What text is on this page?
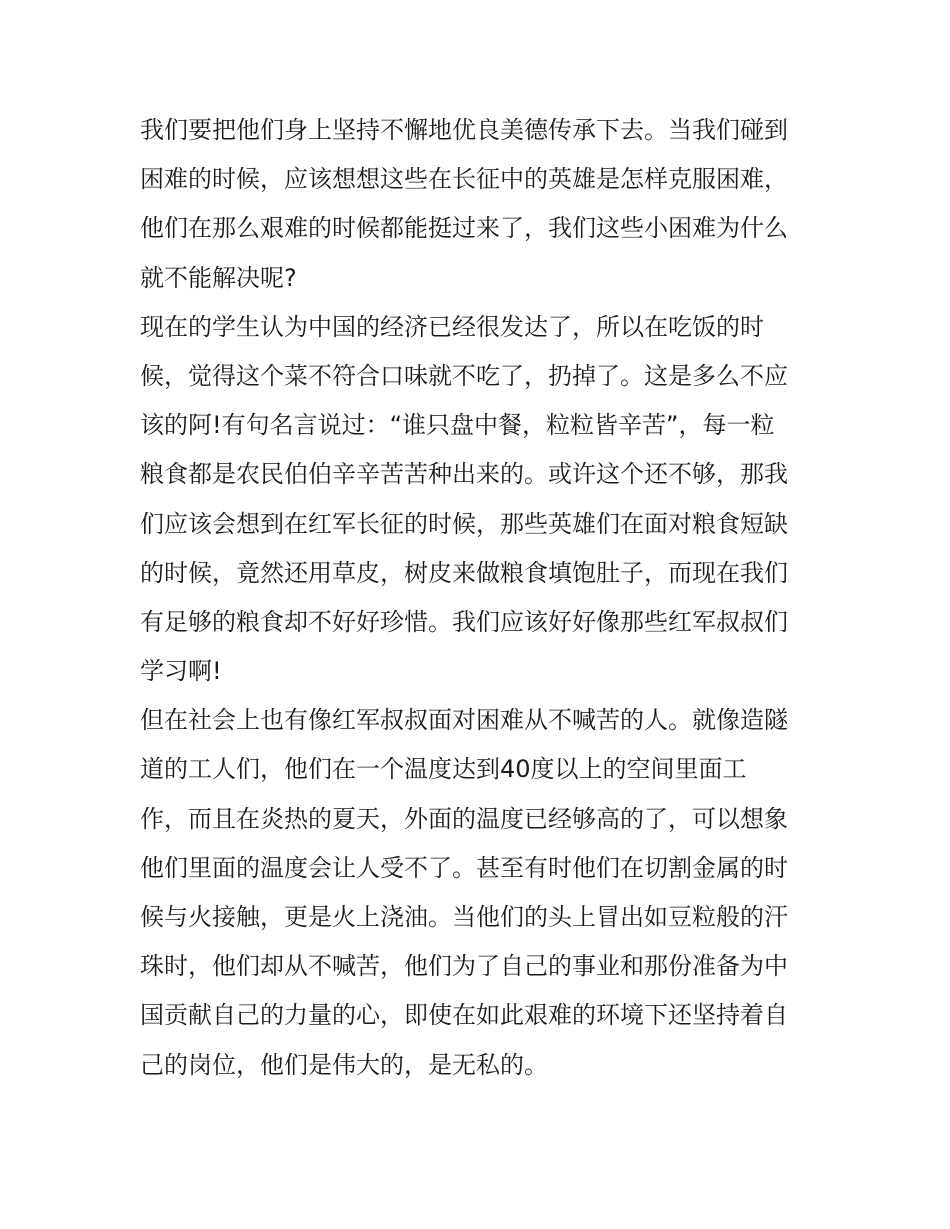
我们要把他们身上坚持不懈地优良美德传承下去。当我们碰到
困难的时候，应该想想这些在长征中的英雄是怎样克服困难，
他们在那么艰难的时候都能挺过来了，我们这些小困难为什么
就不能解决呢?
现在的学生认为中国的经济已经很发达了，所以在吃饭的时
候，觉得这个菜不符合口味就不吃了，扔掉了。这是多么不应
该的阿!有句名言说过：“谁只盘中餐，粒粒皆辛苦”，每一粒
粮食都是农民伯伯辛辛苦苦种出来的。或许这个还不够，那我
们应该会想到在红军长征的时候，那些英雄们在面对粮食短缺
的时候，竟然还用草皮，树皮来做粮食填饱肚子，而现在我们
有足够的粮食却不好好珍惜。我们应该好好像那些红军叔叔们
学习啊!
但在社会上也有像红军叔叔面对困难从不喊苦的人。就像造隧
道的工人们，他们在一个温度达到40度以上的空间里面工
作，而且在炎热的夏天，外面的温度已经够高的了，可以想象
他们里面的温度会让人受不了。甚至有时他们在切割金属的时
候与火接触，更是火上浇油。当他们的头上冒出如豆粒般的汗
珠时，他们却从不喊苦，他们为了自己的事业和那份准备为中
国贡献自己的力量的心，即使在如此艰难的环境下还坚持着自
己的岗位，他们是伟大的，是无私的。
